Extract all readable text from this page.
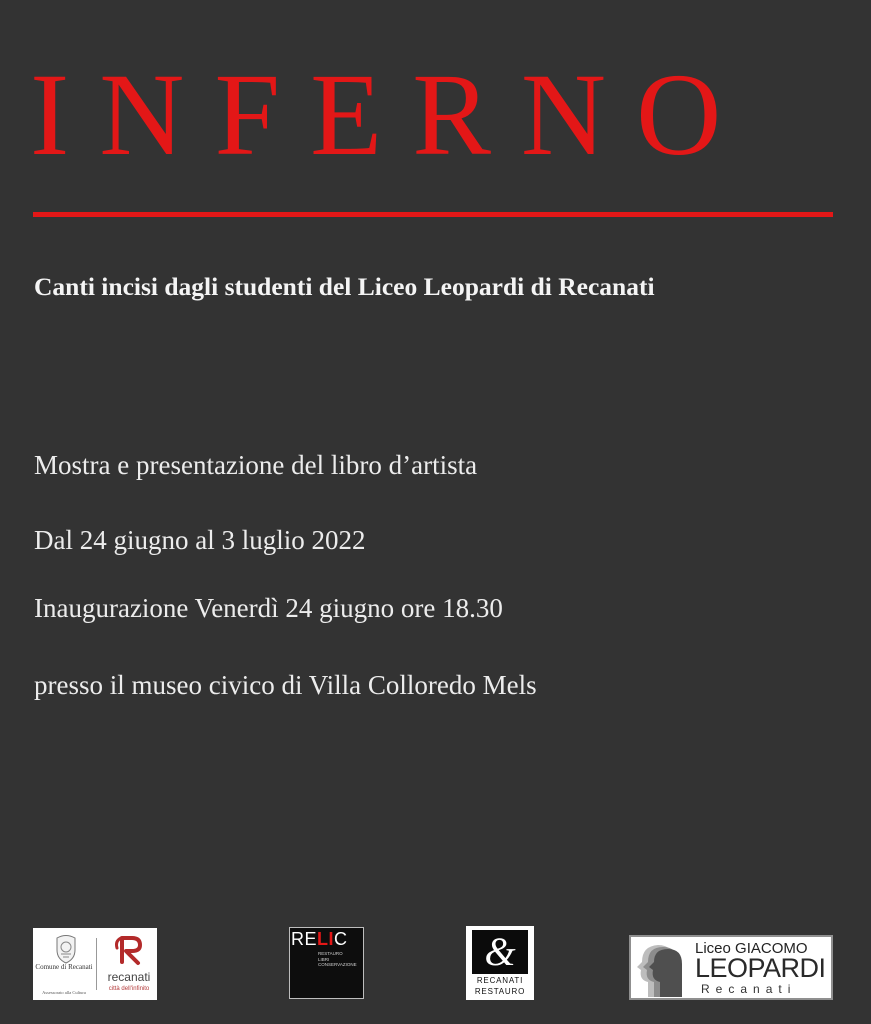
INFERNO

Canti incisi dagli studenti del Liceo Leopardi di Recanati

Mostra e presentazione del libro d’artista

Dal 24 giugno al 3 luglio 2022

Inaugurazione Venerdì 24 giugno ore 18.30

presso il museo civico di Villa Colloredo Mels

Comune di Recanati
Assessorato alla Cultura
recanati
città dell'infinito
RELIC
RESTAURO
LIBRI
CONSERVAZIONE	&
RECANATI
RESTAURO
Liceo GIACOMO
LEOPARDI
Recanati
